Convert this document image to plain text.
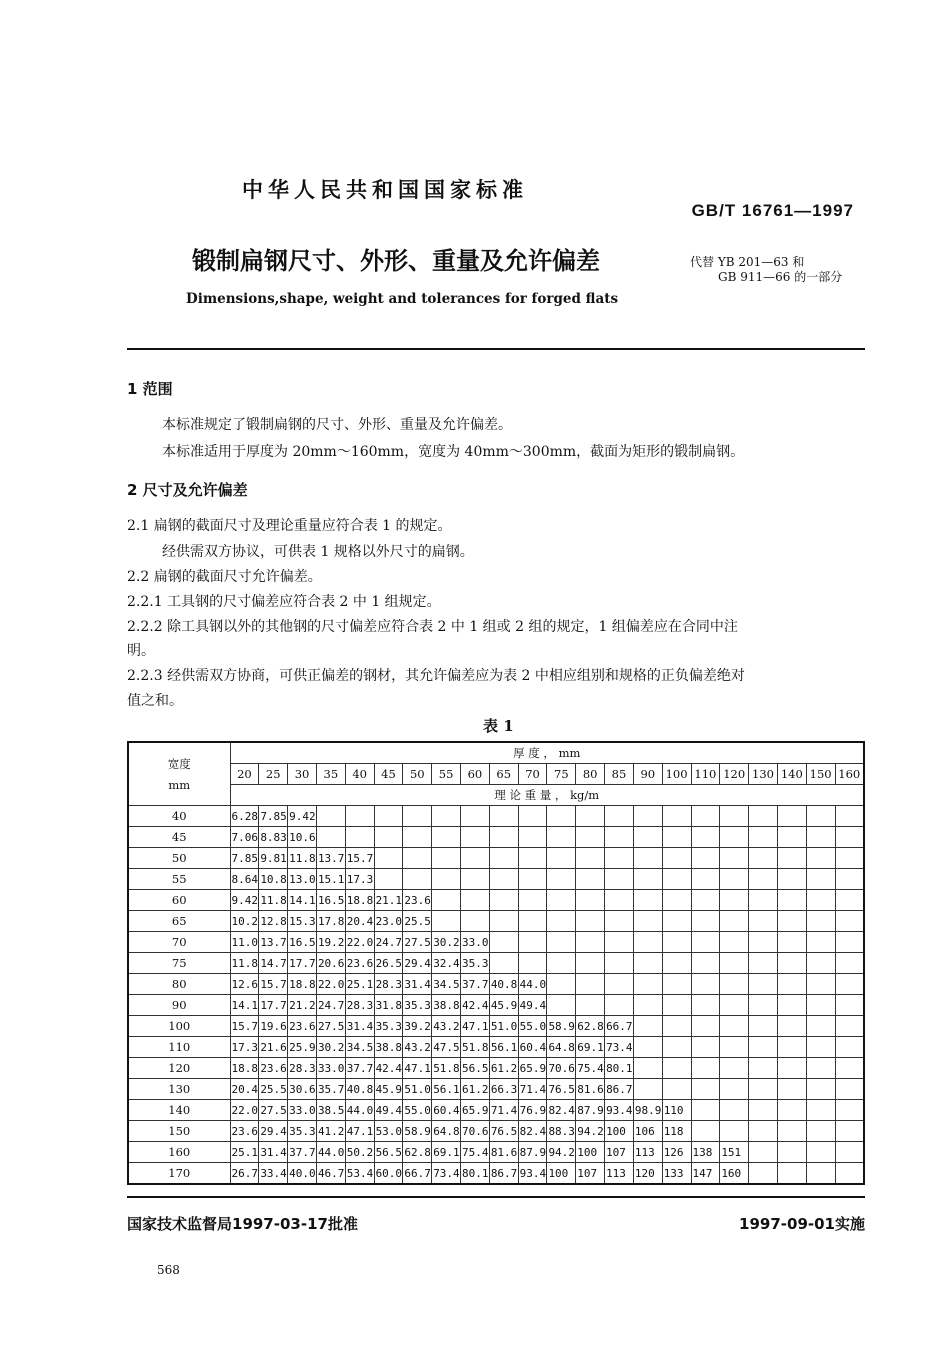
中华人民共和国国家标准
GB/T 16761—1997
锻制扁钢尺寸、外形、重量及允许偏差	代替 YB 201—63 和
GB 911—66 的一部分
Dimensions,shape, weight and tolerances for forged flats
1 范围
本标准规定了锻制扁钢的尺寸、外形、重量及允许偏差。
本标准适用于厚度为 20mm～160mm，宽度为 40mm～300mm，截面为矩形的锻制扁钢。
2 尺寸及允许偏差
2.1 扁钢的截面尺寸及理论重量应符合表 1 的规定。
经供需双方协议，可供表 1 规格以外尺寸的扁钢。
2.2 扁钢的截面尺寸允许偏差。
2.2.1 工具钢的尺寸偏差应符合表 2 中 1 组规定。
2.2.2 除工具钢以外的其他钢的尺寸偏差应符合表 2 中 1 组或 2 组的规定，1 组偏差应在合同中注
明。
2.2.3 经供需双方协商，可供正偏差的钢材，其允许偏差应为表 2 中相应组别和规格的正负偏差绝对
值之和。
表 1
宽度
mm	厚 度 ， mm																					
	20	25	30	35	40	45	50	55	60	65	70	75	80	85	90	100	110	120	130	140	150	160
	理 论 重 量 ， kg/m																					
40	6.28	7.85	9.42																			
45	7.06	8.83	10.6																			
50	7.85	9.81	11.8	13.7	15.7																	
55	8.64	10.8	13.0	15.1	17.3																	
60	9.42	11.8	14.1	16.5	18.8	21.1	23.6															
65	10.2	12.8	15.3	17.8	20.4	23.0	25.5															
70	11.0	13.7	16.5	19.2	22.0	24.7	27.5	30.2	33.0													
75	11.8	14.7	17.7	20.6	23.6	26.5	29.4	32.4	35.3													
80	12.6	15.7	18.8	22.0	25.1	28.3	31.4	34.5	37.7	40.8	44.0											
90	14.1	17.7	21.2	24.7	28.3	31.8	35.3	38.8	42.4	45.9	49.4											
100	15.7	19.6	23.6	27.5	31.4	35.3	39.2	43.2	47.1	51.0	55.0	58.9	62.8	66.7								
110	17.3	21.6	25.9	30.2	34.5	38.8	43.2	47.5	51.8	56.1	60.4	64.8	69.1	73.4								
120	18.8	23.6	28.3	33.0	37.7	42.4	47.1	51.8	56.5	61.2	65.9	70.6	75.4	80.1								
130	20.4	25.5	30.6	35.7	40.8	45.9	51.0	56.1	61.2	66.3	71.4	76.5	81.6	86.7								
140	22.0	27.5	33.0	38.5	44.0	49.4	55.0	60.4	65.9	71.4	76.9	82.4	87.9	93.4	98.9	110						
150	23.6	29.4	35.3	41.2	47.1	53.0	58.9	64.8	70.6	76.5	82.4	88.3	94.2	100	106	118						
160	25.1	31.4	37.7	44.0	50.2	56.5	62.8	69.1	75.4	81.6	87.9	94.2	100	107	113	126	138	151				
170	26.7	33.4	40.0	46.7	53.4	60.0	66.7	73.4	80.1	86.7	93.4	100	107	113	120	133	147	160				
国家技术监督局1997-03-17批准	1997-09-01实施
568
